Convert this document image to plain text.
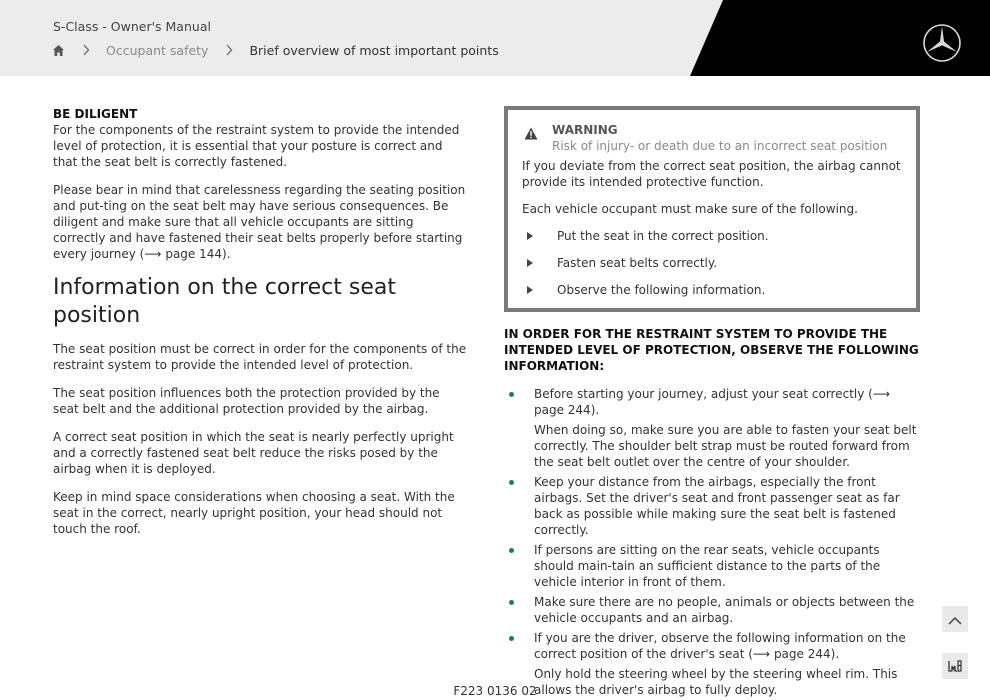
S-Class - Owner's Manual
Occupant safety	Brief overview of most important points
BE DILIGENT

For the components of the restraint system to provide the intended level of protection, it is essential that your posture is correct and that the seat belt is correctly fastened.

Please bear in mind that carelessness regarding the seating position and put-ting on the seat belt may have serious consequences. Be diligent and make sure that all vehicle occupants are sitting correctly and have fastened their seat belts properly before starting every journey (⟶ page 144).

Information on the correct seat position

The seat position must be correct in order for the components of the restraint system to provide the intended level of protection.

The seat position influences both the protection provided by the seat belt and the additional protection provided by the airbag.

A correct seat position in which the seat is nearly perfectly upright and a correctly fastened seat belt reduce the risks posed by the airbag when it is deployed.

Keep in mind space considerations when choosing a seat. With the seat in the correct, nearly upright position, your head should not touch the roof.

WARNING
Risk of injury- or death due to an incorrect seat position

If you deviate from the correct seat position, the airbag cannot provide its intended protective function.

Each vehicle occupant must make sure of the following.

Put the seat in the correct position.
Fasten seat belts correctly.
Observe the following information.
IN ORDER FOR THE RESTRAINT SYSTEM TO PROVIDE THE INTENDED LEVEL OF PROTECTION, OBSERVE THE FOLLOWING INFORMATION:
Before starting your journey, adjust your seat correctly (⟶ page 244).
When doing so, make sure you are able to fasten your seat belt correctly. The shoulder belt strap must be routed forward from the seat belt outlet over the centre of your shoulder.
Keep your distance from the airbags, especially the front airbags. Set the driver's seat and front passenger seat as far back as possible while making sure the seat belt is fastened correctly.
If persons are sitting on the rear seats, vehicle occupants should main-tain an sufficient distance to the parts of the vehicle interior in front of them.
Make sure there are no people, animals or objects between the vehicle occupants and an airbag.
If you are the driver, observe the following information on the correct position of the driver's seat (⟶ page 244).
Only hold the steering wheel by the steering wheel rim. This allows the driver's airbag to fully deploy.
F223 0136 02
